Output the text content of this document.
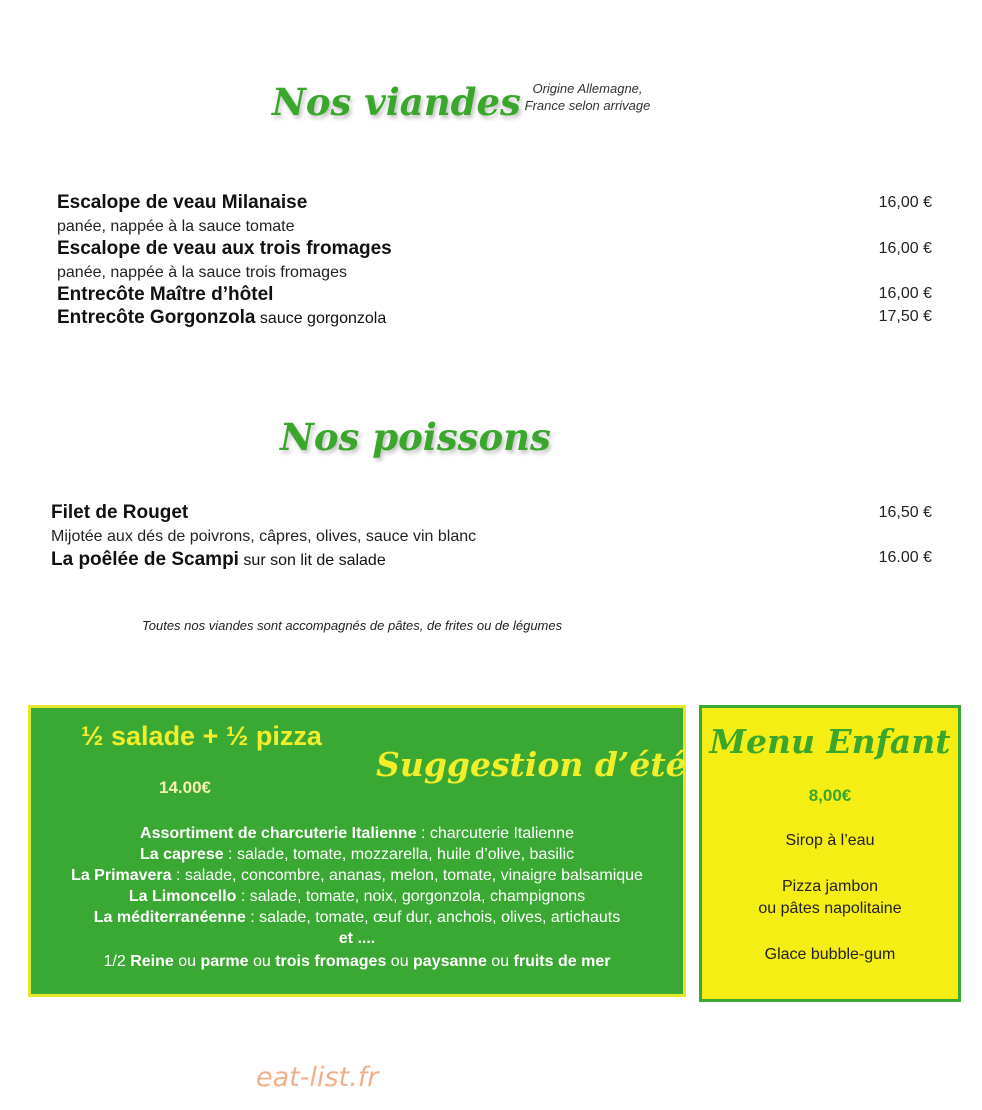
Nos viandes Origine Allemagne,
France selon arrivage
Escalope de veau Milanaise	16,00 €
panée, nappée à la sauce tomate
Escalope de veau aux trois fromages	16,00 €
panée, nappée à la sauce trois fromages
Entrecôte Maître d’hôtel	16,00 €
Entrecôte Gorgonzola sauce gorgonzola	17,50 €
Nos poissons
Filet de Rouget	16,50 €
Mijotée aux dés de poivrons, câpres, olives, sauce vin blanc
La poêlée de Scampi sur son lit de salade	16.00 €
Toutes nos viandes sont accompagnés de pâtes, de frites ou de légumes
½ salade + ½ pizza
14.00€
Suggestion d’été
Assortiment de charcuterie Italienne : charcuterie Italienne
La caprese : salade, tomate, mozzarella, huile d’olive, basilic
La Primavera : salade, concombre, ananas, melon, tomate, vinaigre balsamique
La Limoncello : salade, tomate, noix, gorgonzola, champignons
La méditerranéenne : salade, tomate, œuf dur, anchois, olives, artichauts
et ....
1/2 Reine ou parme ou trois fromages ou paysanne ou fruits de mer
Menu Enfant
8,00€
Sirop à l’eau
Pizza jambon
ou pâtes napolitaine
Glace bubble-gum
eat-list.fr
